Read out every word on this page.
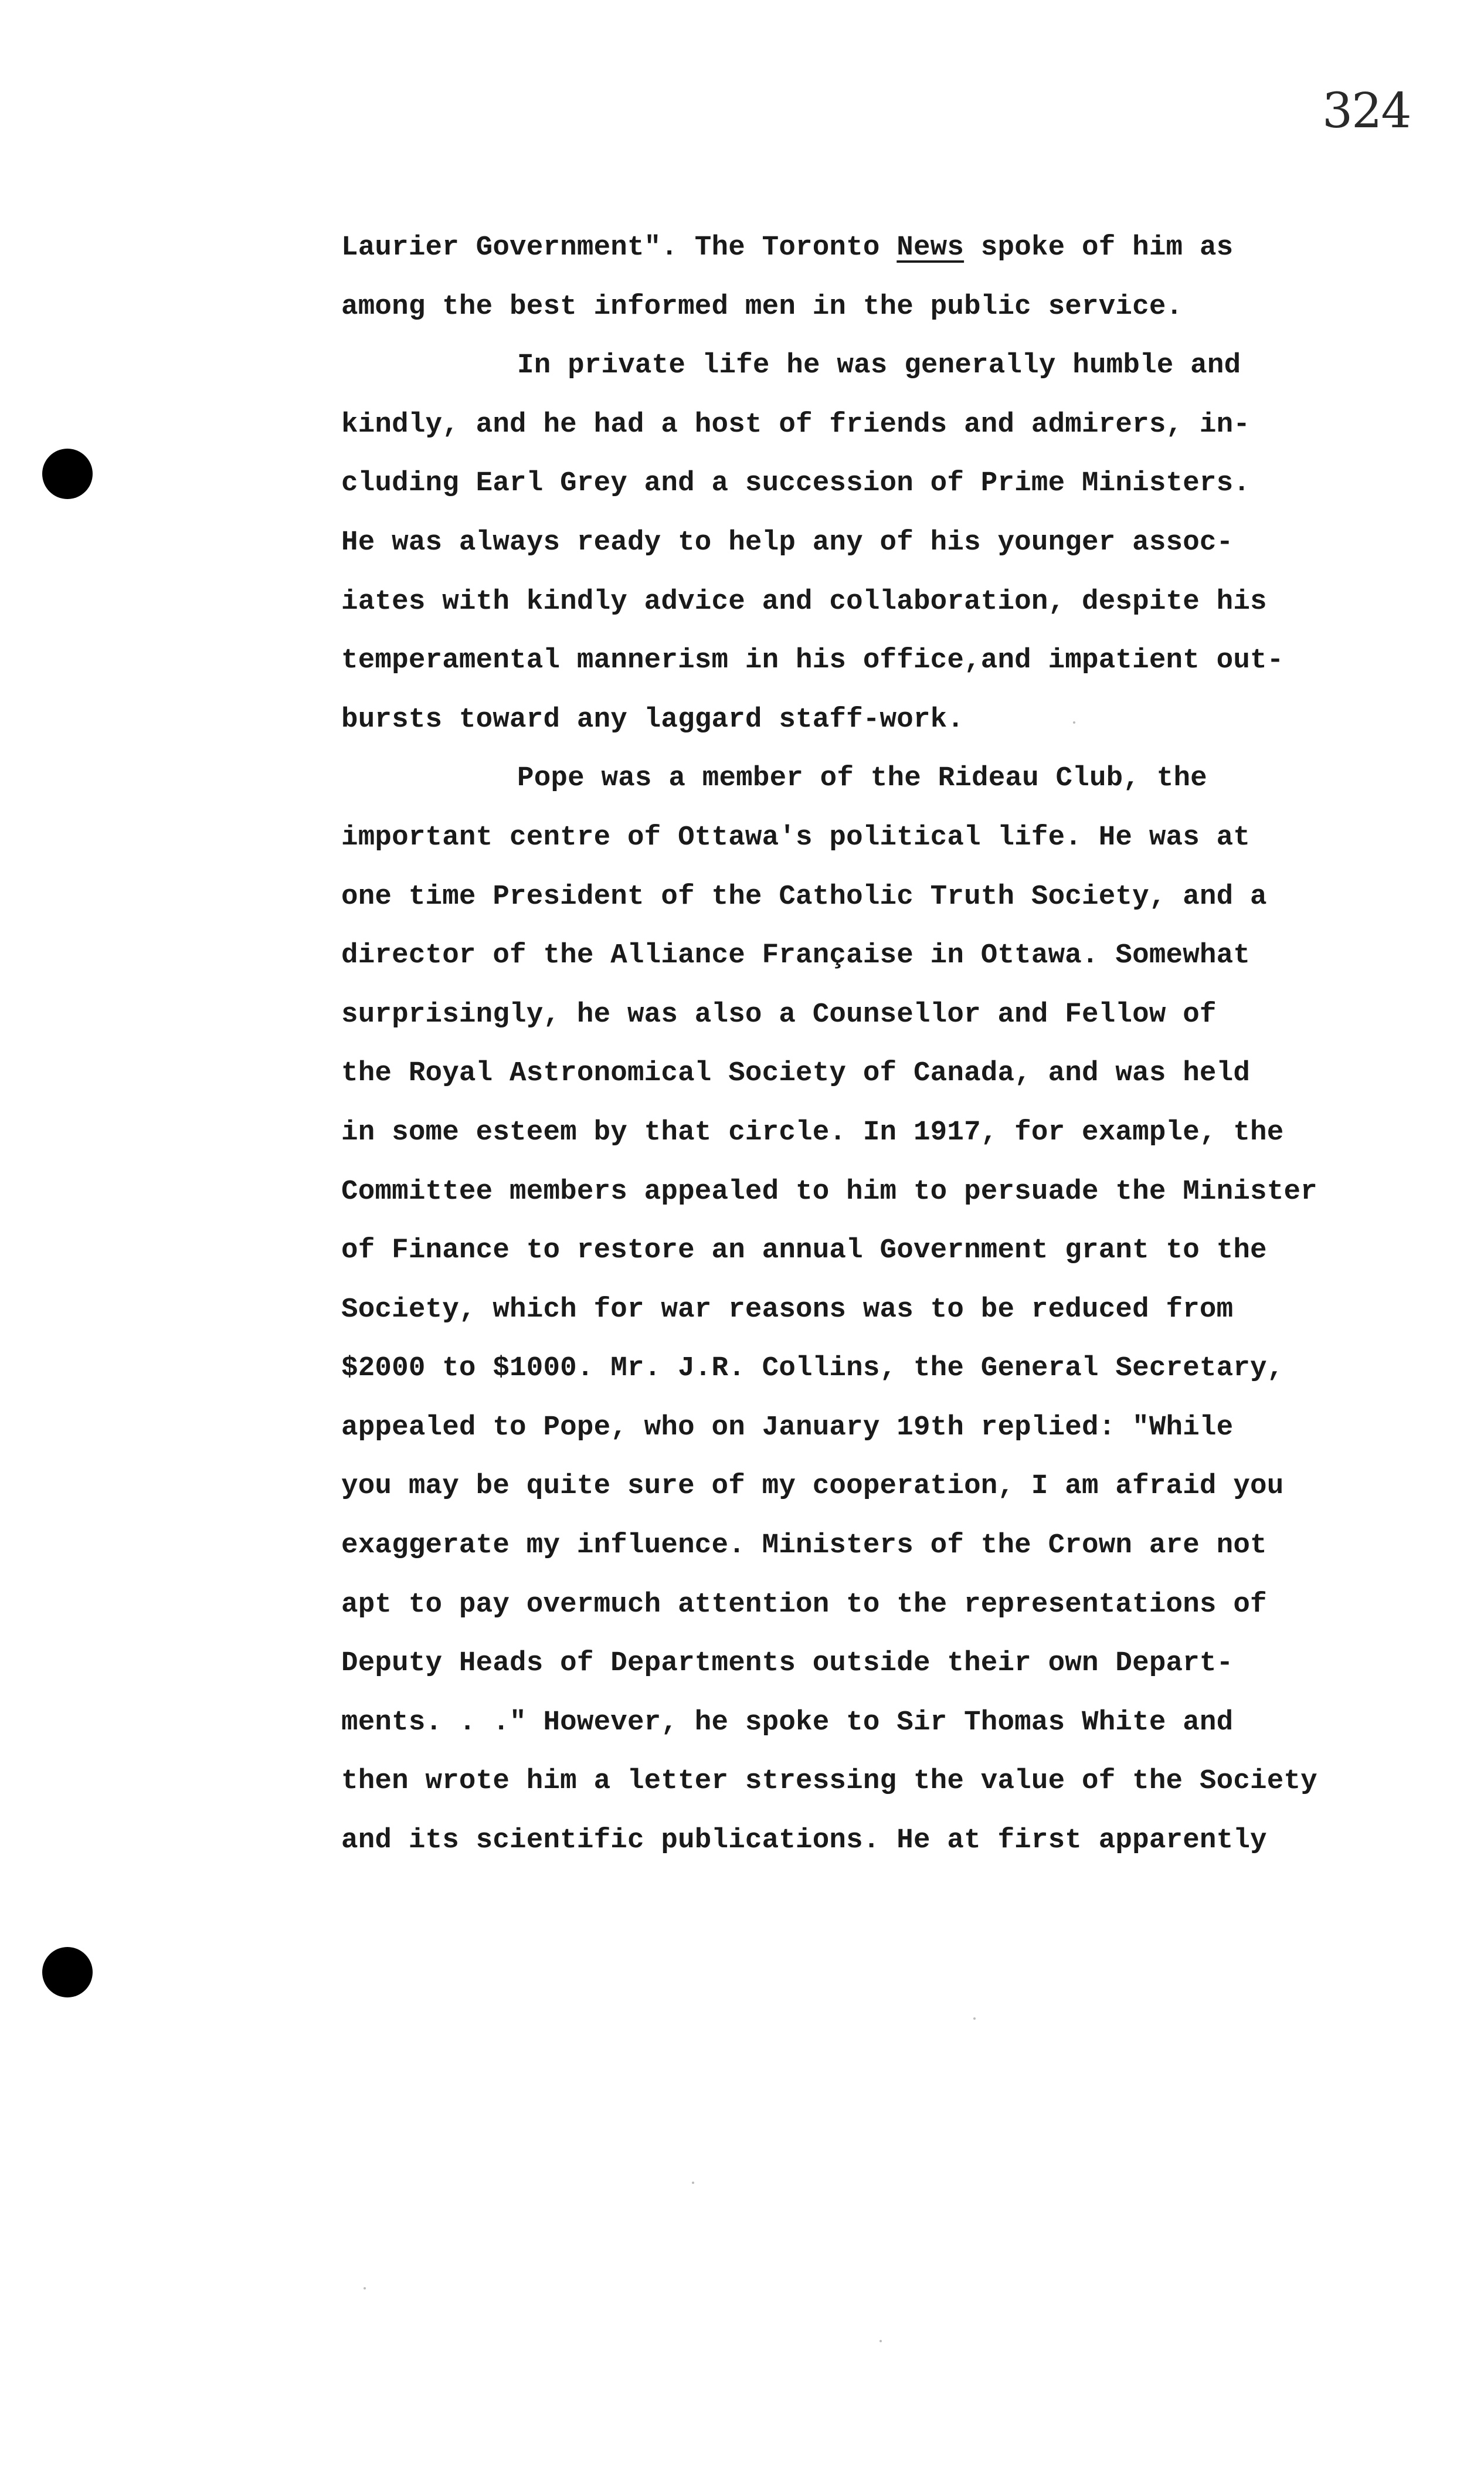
324
Laurier Government". The Toronto News spoke of him as
among the best informed men in the public service.
In private life he was generally humble and
kindly, and he had a host of friends and admirers, in-
cluding Earl Grey and a succession of Prime Ministers.
He was always ready to help any of his younger assoc-
iates with kindly advice and collaboration, despite his
temperamental mannerism in his office,and impatient out-
bursts toward any laggard staff-work.
Pope was a member of the Rideau Club, the
important centre of Ottawa's political life. He was at
one time President of the Catholic Truth Society, and a
director of the Alliance Française in Ottawa. Somewhat
surprisingly, he was also a Counsellor and Fellow of
the Royal Astronomical Society of Canada, and was held
in some esteem by that circle. In 1917, for example, the
Committee members appealed to him to persuade the Minister
of Finance to restore an annual Government grant to the
Society, which for war reasons was to be reduced from
$2000 to $1000. Mr. J.R. Collins, the General Secretary,
appealed to Pope, who on January 19th replied: "While
you may be quite sure of my cooperation, I am afraid you
exaggerate my influence. Ministers of the Crown are not
apt to pay overmuch attention to the representations of
Deputy Heads of Departments outside their own Depart-
ments. . ." However, he spoke to Sir Thomas White and
then wrote him a letter stressing the value of the Society
and its scientific publications. He at first apparently
